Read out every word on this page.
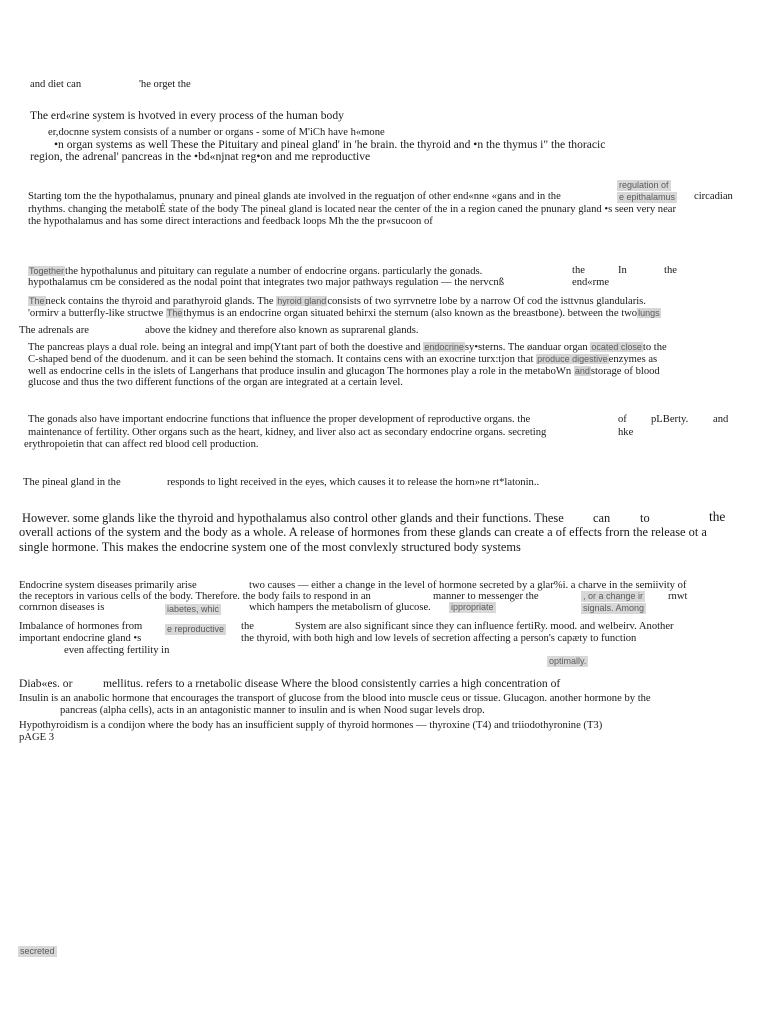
and diet can	'he orget the
The erd«rine system is hvotved in every process of the human body
er,docnne system consists of a number or organs - some of M'iCh have h«mone
•n organ systems as well These the Pituitary and pineal gland' in 'he brain. the thyroid and •n the thymus i" the thoracic
region, the adrenal' pancreas in the •bd«njnat reg•on and me reproductive
regulation of
Starting tom the the hypothalamus, pnunary and pineal glands ate involved in the reguatjon of other end«nne «gans and in the	e epithalamus circadian
rhythms. changing the metabolÉ state of the body The pineal gland is located near the center of the in a region caned the pnunary gland •s seen very near
the hypothalamus and has some direct interactions and feedback loops Mh the the pr«sucoon of
Togetherthe hypothalunus and pituitary can regulate a number of endocrine organs. particularly the gonads.	the	In	the
hypothalamus cm be considered as the nodal point that integrates two major pathways regulation — the nervcnß	end«rme
Theneck contains the thyroid and parathyroid glands. The hyroid glandconsists of two syrrvnetre lobe by a narrow Of cod the isttvnus glandularis.
'ormirv a butterfly-like structwe Thethymus is an endocrine organ situated behirxi the sternum (also known as the breastbone). between the twolungs
The adrenals are	above the kidney and therefore also known as suprarenal glands.
The pancreas plays a dual role. being an integral and imp(Ytant part of both the doestive and endocrinesy•sterns. The øanduar organ ocated closeto the
C-shaped bend of the duodenum. and it can be seen behind the stomach. It contains cens with an exocrine turx:tjon that produce digestiveenzymes as
well as endocrine cells in the islets of Langerhans that produce insulin and glucagon The hormones play a role in the metaboWn andstorage of blood
glucose and thus the two different functions of the organ are integrated at a certain level.
The gonads also have important endocrine functions that influence the proper development of reproductive organs. the	of pLBerty. and
maintenance of fertility. Other organs such as the heart, kidney, and liver also act as secondary endocrine organs. secreting	hke
erythropoietin that can affect red blood cell production.
The pineal gland in the	responds to light received in the eyes, which causes it to release the horn»ne rt*latonin..
However. some glands like the thyroid and hypothalamus also control other glands and their functions. These can to	the
overall actions of the system and the body as a whole. A release of hormones from these glands can create a of effects frorn the release ot a
single hormone. This makes the endocrine system one of the most convlexly structured body systems
Endocrine system diseases primarily arise	two causes — either a change in the level of hormone secreted by a glar%i. a charve in the semiivity of
the receptors in various cells of the body. Therefore. the body fails to respond in an	manner to messenger the	, or a change ir rnwt
cornrnon diseases is	iabetes, whic	which hampers the metabolisrn of glucose. ippropriate	signals. Among
Imbalance of hormones from	e reproductive the	System are also significant since they can influence fertiRy. mood. and welbeirv. Another
important endocrine gland •s	the thyroid, with both high and low levels of secretion affecting a person's capæty to function
even affecting fertility in
optimally.
Diab«es. or	mellitus. refers to a rnetabolic disease Where the blood consistently carries a high concentration of
Insulin is an anabolic hormone that encourages the transport of glucose from the blood into muscle ceus or tissue. Glucagon. another hormone by the
pancreas (alpha cells), acts in an antagonistic manner to insulin and is when Nood sugar levels drop.
Hypothyroidism is a condijon where the body has an insufficient supply of thyroid hormones — thyroxine (T4) and triiodothyronine (T3)
pAGE 3
secreted
